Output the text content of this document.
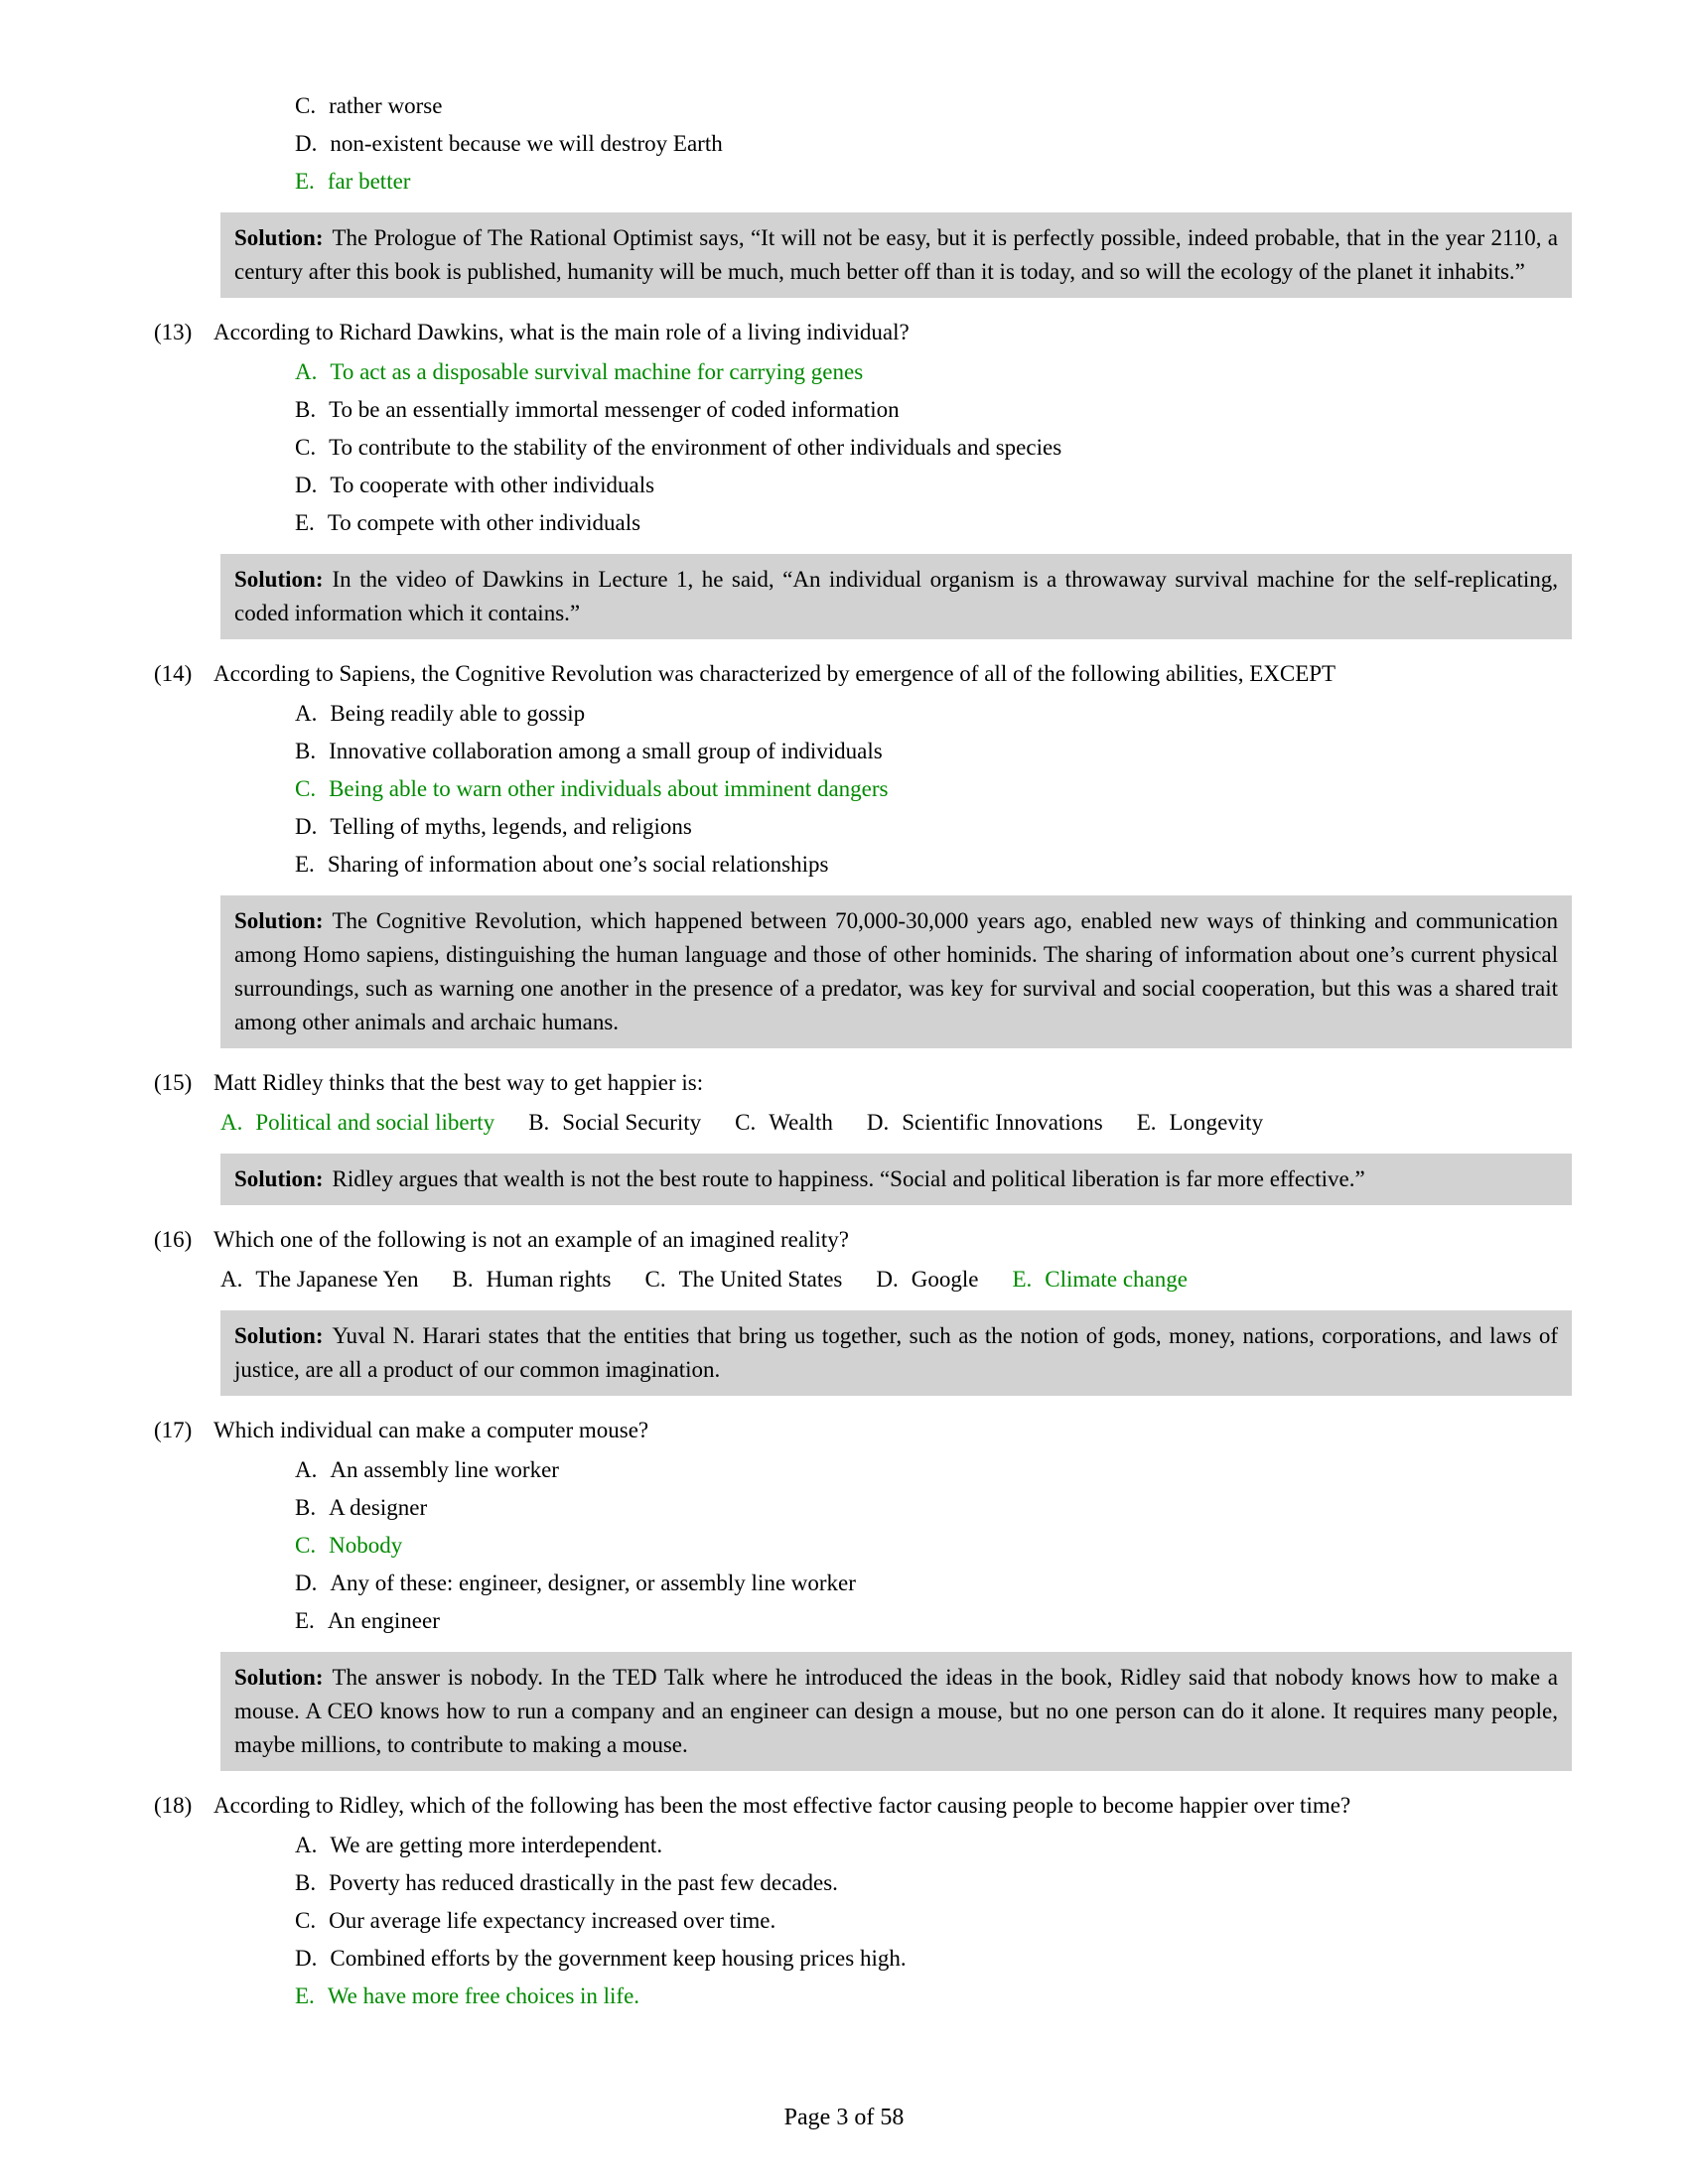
C. rather worse
D. non-existent because we will destroy Earth
E. far better
Solution: The Prologue of The Rational Optimist says, “It will not be easy, but it is perfectly possible, indeed probable, that in the year 2110, a century after this book is published, humanity will be much, much better off than it is today, and so will the ecology of the planet it inhabits.”
(13) According to Richard Dawkins, what is the main role of a living individual?
A. To act as a disposable survival machine for carrying genes
B. To be an essentially immortal messenger of coded information
C. To contribute to the stability of the environment of other individuals and species
D. To cooperate with other individuals
E. To compete with other individuals
Solution: In the video of Dawkins in Lecture 1, he said, “An individual organism is a throwaway survival machine for the self-replicating, coded information which it contains.”
(14) According to Sapiens, the Cognitive Revolution was characterized by emergence of all of the following abilities, EXCEPT
A. Being readily able to gossip
B. Innovative collaboration among a small group of individuals
C. Being able to warn other individuals about imminent dangers
D. Telling of myths, legends, and religions
E. Sharing of information about one’s social relationships
Solution: The Cognitive Revolution, which happened between 70,000-30,000 years ago, enabled new ways of thinking and communication among Homo sapiens, distinguishing the human language and those of other hominids. The sharing of information about one’s current physical surroundings, such as warning one another in the presence of a predator, was key for survival and social cooperation, but this was a shared trait among other animals and archaic humans.
(15) Matt Ridley thinks that the best way to get happier is:
A. Political and social liberty B. Social Security C. Wealth D. Scientific Innovations E. Longevity
Solution: Ridley argues that wealth is not the best route to happiness. “Social and political liberation is far more effective.”
(16) Which one of the following is not an example of an imagined reality?
A. The Japanese Yen B. Human rights C. The United States D. Google E. Climate change
Solution: Yuval N. Harari states that the entities that bring us together, such as the notion of gods, money, nations, corporations, and laws of justice, are all a product of our common imagination.
(17) Which individual can make a computer mouse?
A. An assembly line worker
B. A designer
C. Nobody
D. Any of these: engineer, designer, or assembly line worker
E. An engineer
Solution: The answer is nobody. In the TED Talk where he introduced the ideas in the book, Ridley said that nobody knows how to make a mouse. A CEO knows how to run a company and an engineer can design a mouse, but no one person can do it alone. It requires many people, maybe millions, to contribute to making a mouse.
(18) According to Ridley, which of the following has been the most effective factor causing people to become happier over time?
A. We are getting more interdependent.
B. Poverty has reduced drastically in the past few decades.
C. Our average life expectancy increased over time.
D. Combined efforts by the government keep housing prices high.
E. We have more free choices in life.
Page 3 of 58
